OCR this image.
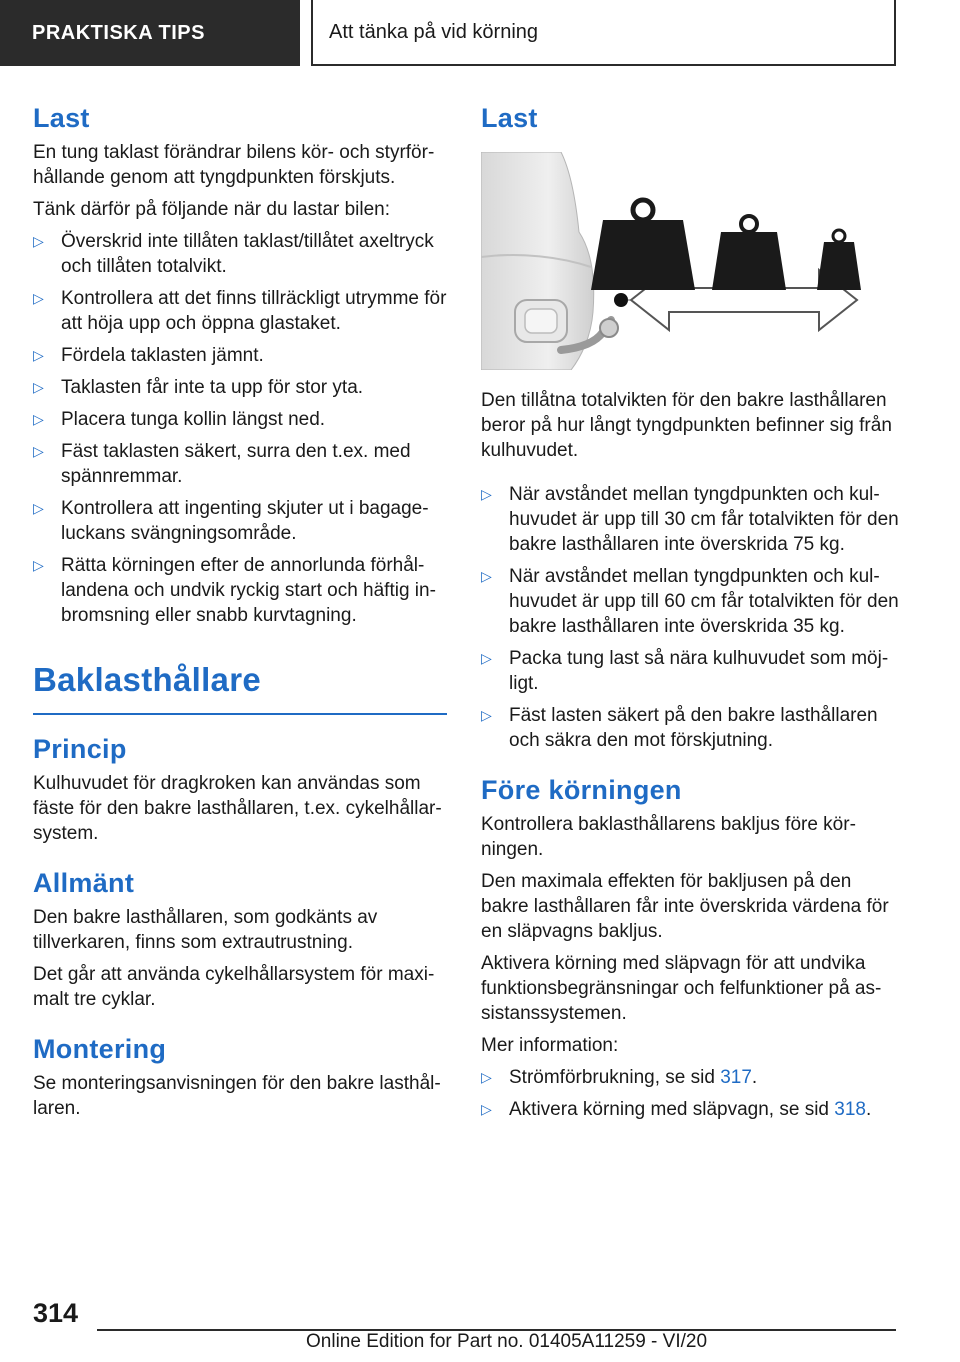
PRAKTISKA TIPS	Att tänka på vid körning
Last

En tung taklast förändrar bilens kör- och styrförhållande genom att tyngdpunkten förskjuts.

Tänk därför på följande när du lastar bilen:

▷ Överskrid inte tillåten taklast/tillåtet axeltryck och tillåten totalvikt.
▷ Kontrollera att det finns tillräckligt utrymme för att höja upp och öppna glastaket.
▷ Fördela taklasten jämnt.
▷ Taklasten får inte ta upp för stor yta.
▷ Placera tunga kollin längst ned.
▷ Fäst taklasten säkert, surra den t.ex. med spännremmar.
▷ Kontrollera att ingenting skjuter ut i bagageluckans svängningsområde.
▷ Rätta körningen efter de annorlunda förhållandena och undvik ryckig start och häftig inbromsning eller snabb kurvtagning.
Baklasthållare
Princip

Kulhuvudet för dragkroken kan användas som fäste för den bakre lasthållaren, t.ex. cykelhållarsystem.

Allmänt

Den bakre lasthållaren, som godkänts av tillverkaren, finns som extrautrustning.

Det går att använda cykelhållarsystem för maximalt tre cyklar.

Montering

Se monteringsanvisningen för den bakre lasthållaren.

Last

Den tillåtna totalvikten för den bakre lasthållaren beror på hur långt tyngdpunkten befinner sig från kulhuvudet.

▷ När avståndet mellan tyngdpunkten och kulhuvudet är upp till 30 cm får totalvikten för den bakre lasthållaren inte överskrida 75 kg.
▷ När avståndet mellan tyngdpunkten och kulhuvudet är upp till 60 cm får totalvikten för den bakre lasthållaren inte överskrida 35 kg.
▷ Packa tung last så nära kulhuvudet som möjligt.
▷ Fäst lasten säkert på den bakre lasthållaren och säkra den mot förskjutning.
Före körningen

Kontrollera baklasthållarens bakljus före körningen.

Den maximala effekten för bakljusen på den bakre lasthållaren får inte överskrida värdena för en släpvagns bakljus.

Aktivera körning med släpvagn för att undvika funktionsbegränsningar och felfunktioner på assistanssystemen.

Mer information:

▷ Strömförbrukning, se sid 317.
▷ Aktivera körning med släpvagn, se sid 318.
314
Online Edition for Part no. 01405A11259 - VI/20
